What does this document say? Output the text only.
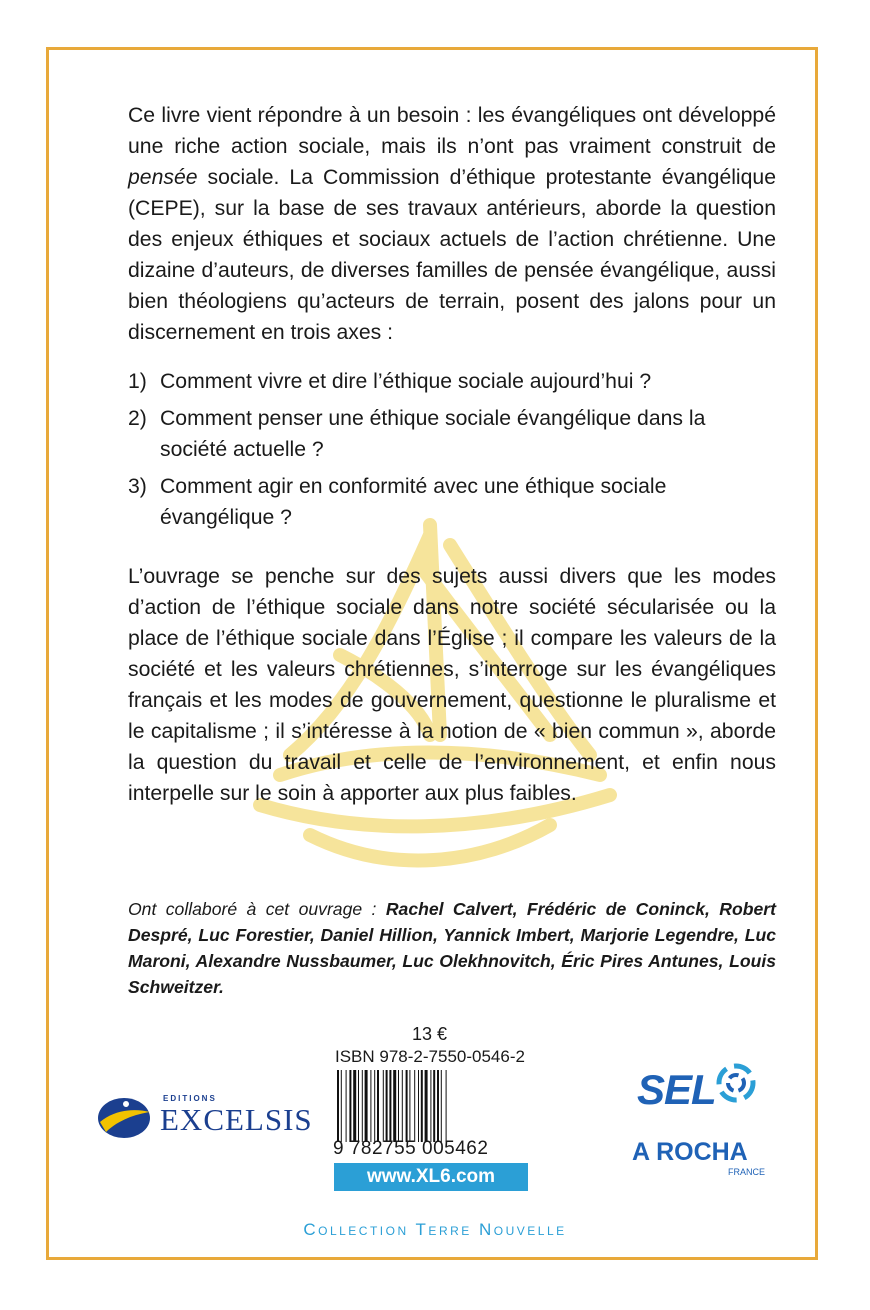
Ce livre vient répondre à un besoin : les évangéliques ont développé une riche action sociale, mais ils n’ont pas vraiment construit de pensée sociale. La Commission d’éthique protestante évangélique (CEPE), sur la base de ses travaux antérieurs, aborde la question des enjeux éthiques et sociaux actuels de l’action chrétienne. Une dizaine d’auteurs, de diverses familles de pensée évangélique, aussi bien théologiens qu’acteurs de terrain, posent des jalons pour un discernement en trois axes :

1) Comment vivre et dire l’éthique sociale aujourd’hui ?
2) Comment penser une éthique sociale évangélique dans la société actuelle ?
3) Comment agir en conformité avec une éthique sociale évangélique ?

L’ouvrage se penche sur des sujets aussi divers que les modes d’action de l’éthique sociale dans notre société sécularisée ou la place de l’éthique sociale dans l’Église ; il compare les valeurs de la société et les valeurs chrétiennes, s’interroge sur les évangéliques français et les modes de gouvernement, questionne le pluralisme et le capitalisme ; il s’intéresse à la notion de « bien commun », aborde la question du travail et celle de l’environnement, et enfin nous interpelle sur le soin à apporter aux plus faibles.

Ont collaboré à cet ouvrage : Rachel Calvert, Frédéric de Coninck, Robert Despré, Luc Forestier, Daniel Hillion, Yannick Imbert, Marjorie Legendre, Luc Maroni, Alexandre Nussbaumer, Luc Olekhnovitch, Éric Pires Antunes, Louis Schweitzer.

13 €
ISBN 978-2-7550-0546-2
9 782755 005462
www.XL6.com
EDITIONS
EXCELSIS
SEL
A ROCHA
FRANCE
Collection Terre Nouvelle
